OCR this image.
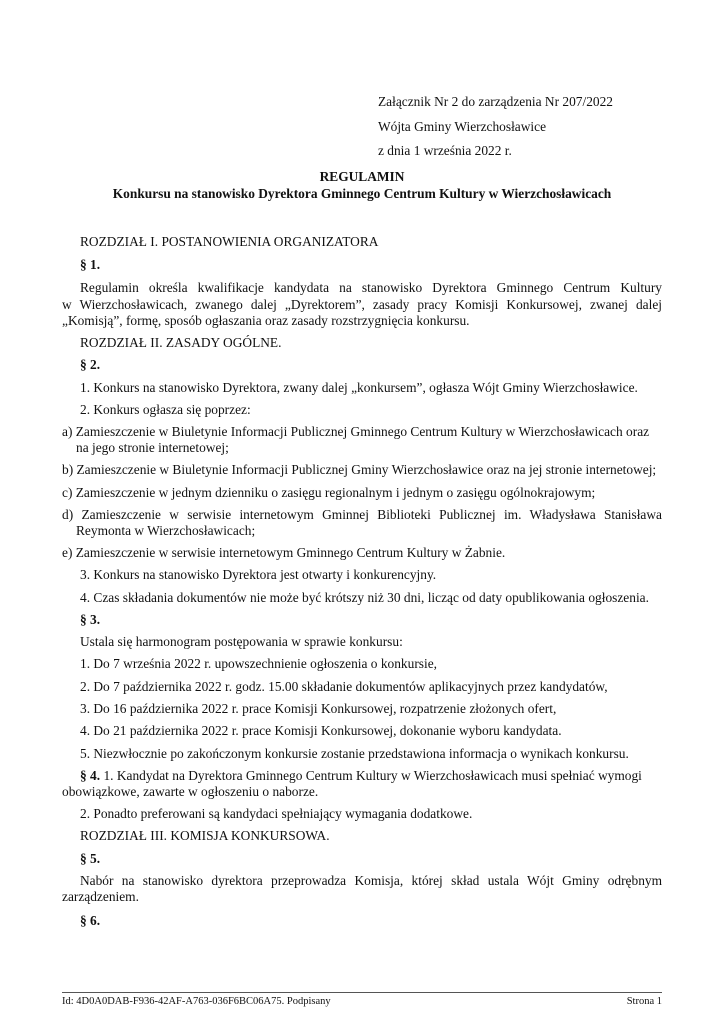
Załącznik Nr 2 do zarządzenia Nr 207/2022
Wójta Gminy Wierzchosławice
z dnia 1 września 2022 r.
REGULAMIN
Konkursu na stanowisko Dyrektora Gminnego Centrum Kultury w Wierzchosławicach
ROZDZIAŁ I. POSTANOWIENIA ORGANIZATORA
§ 1.
Regulamin określa kwalifikacje kandydata na stanowisko Dyrektora Gminnego Centrum Kultury
w Wierzchosławicach, zwanego dalej „Dyrektorem”, zasady pracy Komisji Konkursowej, zwanej dalej
„Komisją”, formę, sposób ogłaszania oraz zasady rozstrzygnięcia konkursu.
ROZDZIAŁ II. ZASADY OGÓLNE.
§ 2.
1. Konkurs na stanowisko Dyrektora, zwany dalej „konkursem”, ogłasza Wójt Gminy Wierzchosławice.
2. Konkurs ogłasza się poprzez:
a) Zamieszczenie w Biuletynie Informacji Publicznej Gminnego Centrum Kultury w Wierzchosławicach oraz
na jego stronie internetowej;
b) Zamieszczenie w Biuletynie Informacji Publicznej Gminy Wierzchosławice oraz na jej stronie internetowej;
c) Zamieszczenie w jednym dzienniku o zasięgu regionalnym i jednym o zasięgu ogólnokrajowym;
d) Zamieszczenie w serwisie internetowym Gminnej Biblioteki Publicznej im. Władysława Stanisława
Reymonta w Wierzchosławicach;
e) Zamieszczenie w serwisie internetowym Gminnego Centrum Kultury w Żabnie.
3. Konkurs na stanowisko Dyrektora jest otwarty i konkurencyjny.
4. Czas składania dokumentów nie może być krótszy niż 30 dni, licząc od daty opublikowania ogłoszenia.
§ 3.
Ustala się harmonogram postępowania w sprawie konkursu:
1. Do 7 września 2022 r. upowszechnienie ogłoszenia o konkursie,
2. Do 7 października 2022 r. godz. 15.00 składanie dokumentów aplikacyjnych przez kandydatów,
3. Do 16 października 2022 r. prace Komisji Konkursowej, rozpatrzenie złożonych ofert,
4. Do 21 października 2022 r. prace Komisji Konkursowej, dokonanie wyboru kandydata.
5. Niezwłocznie po zakończonym konkursie zostanie przedstawiona informacja o wynikach konkursu.
§ 4. 1. Kandydat na Dyrektora Gminnego Centrum Kultury w Wierzchosławicach musi spełniać wymogi
obowiązkowe, zawarte w ogłoszeniu o naborze.
2. Ponadto preferowani są kandydaci spełniający wymagania dodatkowe.
ROZDZIAŁ III. KOMISJA KONKURSOWA.
§ 5.
Nabór na stanowisko dyrektora przeprowadza Komisja, której skład ustala Wójt Gminy odrębnym
zarządzeniem.
§ 6.
Id: 4D0A0DAB-F936-42AF-A763-036F6BC06A75. Podpisany	Strona 1
